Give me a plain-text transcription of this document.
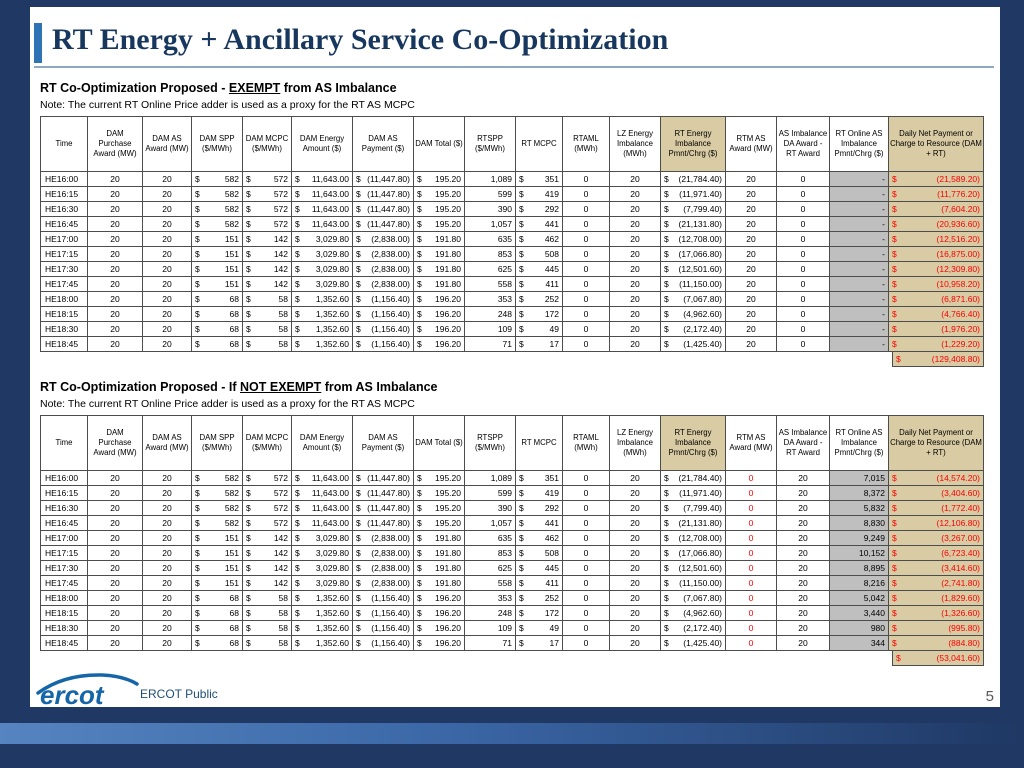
RT Energy + Ancillary Service Co-Optimization
RT Co-Optimization Proposed - EXEMPT from AS Imbalance
Note: The current RT Online Price adder is used as a proxy for the RT AS MCPC
Time	DAM Purchase Award (MW)	DAM AS Award (MW)	DAM SPP ($/MWh)	DAM MCPC ($/MWh)	DAM Energy Amount ($)	DAM AS Payment ($)	DAM Total ($)	RTSPP ($/MWh)	RT MCPC	RTAML (MWh)	LZ Energy Imbalance (MWh)	RT Energy Imbalance Pmnt/Chrg ($)	RTM AS Award (MW)	AS Imbalance DA Award - RT Award	RT Online AS Imbalance Pmnt/Chrg ($)	Daily Net Payment or Charge to Resource (DAM + RT)
HE16:00	20	20	$ 582	$ 572	$ 11,643.00	$ (11,447.80)	$ 195.20	1,089	$ 351	0	20	$ (21,784.40)	20	0	-	$ (21,589.20)

HE16:15	20	20	$ 582	$ 572	$ 11,643.00	$ (11,447.80)	$ 195.20	599	$ 419	0	20	$ (11,971.40)	20	0	-	$ (11,776.20)

HE16:30	20	20	$ 582	$ 572	$ 11,643.00	$ (11,447.80)	$ 195.20	390	$ 292	0	20	$ (7,799.40)	20	0	-	$ (7,604.20)

HE16:45	20	20	$ 582	$ 572	$ 11,643.00	$ (11,447.80)	$ 195.20	1,057	$ 441	0	20	$ (21,131.80)	20	0	-	$ (20,936.60)

HE17:00	20	20	$ 151	$ 142	$ 3,029.80	$ (2,838.00)	$ 191.80	635	$ 462	0	20	$ (12,708.00)	20	0	-	$ (12,516.20)

HE17:15	20	20	$ 151	$ 142	$ 3,029.80	$ (2,838.00)	$ 191.80	853	$ 508	0	20	$ (17,066.80)	20	0	-	$ (16,875.00)

HE17:30	20	20	$ 151	$ 142	$ 3,029.80	$ (2,838.00)	$ 191.80	625	$ 445	0	20	$ (12,501.60)	20	0	-	$ (12,309.80)

HE17:45	20	20	$ 151	$ 142	$ 3,029.80	$ (2,838.00)	$ 191.80	558	$ 411	0	20	$ (11,150.00)	20	0	-	$ (10,958.20)

HE18:00	20	20	$ 68	$ 58	$ 1,352.60	$ (1,156.40)	$ 196.20	353	$ 252	0	20	$ (7,067.80)	20	0	-	$ (6,871.60)

HE18:15	20	20	$ 68	$ 58	$ 1,352.60	$ (1,156.40)	$ 196.20	248	$ 172	0	20	$ (4,962.60)	20	0	-	$ (4,766.40)

HE18:30	20	20	$ 68	$ 58	$ 1,352.60	$ (1,156.40)	$ 196.20	109	$ 49	0	20	$ (2,172.40)	20	0	-	$ (1,976.20)

HE18:45	20	20	$ 68	$ 58	$ 1,352.60	$ (1,156.40)	$ 196.20	71	$ 17	0	20	$ (1,425.40)	20	0	-	$ (1,229.20)
$	(129,408.80)
RT Co-Optimization Proposed - If NOT EXEMPT from AS Imbalance
Note: The current RT Online Price adder is used as a proxy for the RT AS MCPC
Time	DAM Purchase Award (MW)	DAM AS Award (MW)	DAM SPP ($/MWh)	DAM MCPC ($/MWh)	DAM Energy Amount ($)	DAM AS Payment ($)	DAM Total ($)	RTSPP ($/MWh)	RT MCPC	RTAML (MWh)	LZ Energy Imbalance (MWh)	RT Energy Imbalance Pmnt/Chrg ($)	RTM AS Award (MW)	AS Imbalance DA Award - RT Award	RT Online AS Imbalance Pmnt/Chrg ($)	Daily Net Payment or Charge to Resource (DAM + RT)
HE16:00	20	20	$ 582	$ 572	$ 11,643.00	$ (11,447.80)	$ 195.20	1,089	$ 351	0	20	$ (21,784.40)	0	20	7,015	$ (14,574.20)

HE16:15	20	20	$ 582	$ 572	$ 11,643.00	$ (11,447.80)	$ 195.20	599	$ 419	0	20	$ (11,971.40)	0	20	8,372	$ (3,404.60)

HE16:30	20	20	$ 582	$ 572	$ 11,643.00	$ (11,447.80)	$ 195.20	390	$ 292	0	20	$ (7,799.40)	0	20	5,832	$ (1,772.40)

HE16:45	20	20	$ 582	$ 572	$ 11,643.00	$ (11,447.80)	$ 195.20	1,057	$ 441	0	20	$ (21,131.80)	0	20	8,830	$ (12,106.80)

HE17:00	20	20	$ 151	$ 142	$ 3,029.80	$ (2,838.00)	$ 191.80	635	$ 462	0	20	$ (12,708.00)	0	20	9,249	$ (3,267.00)

HE17:15	20	20	$ 151	$ 142	$ 3,029.80	$ (2,838.00)	$ 191.80	853	$ 508	0	20	$ (17,066.80)	0	20	10,152	$ (6,723.40)

HE17:30	20	20	$ 151	$ 142	$ 3,029.80	$ (2,838.00)	$ 191.80	625	$ 445	0	20	$ (12,501.60)	0	20	8,895	$ (3,414.60)

HE17:45	20	20	$ 151	$ 142	$ 3,029.80	$ (2,838.00)	$ 191.80	558	$ 411	0	20	$ (11,150.00)	0	20	8,216	$ (2,741.80)

HE18:00	20	20	$ 68	$ 58	$ 1,352.60	$ (1,156.40)	$ 196.20	353	$ 252	0	20	$ (7,067.80)	0	20	5,042	$ (1,829.60)

HE18:15	20	20	$ 68	$ 58	$ 1,352.60	$ (1,156.40)	$ 196.20	248	$ 172	0	20	$ (4,962.60)	0	20	3,440	$ (1,326.60)

HE18:30	20	20	$ 68	$ 58	$ 1,352.60	$ (1,156.40)	$ 196.20	109	$ 49	0	20	$ (2,172.40)	0	20	980	$ (995.80)

HE18:45	20	20	$ 68	$ 58	$ 1,352.60	$ (1,156.40)	$ 196.20	71	$ 17	0	20	$ (1,425.40)	0	20	344	$ (884.80)
$	(53,041.60)
ercot	ERCOT Public	5
